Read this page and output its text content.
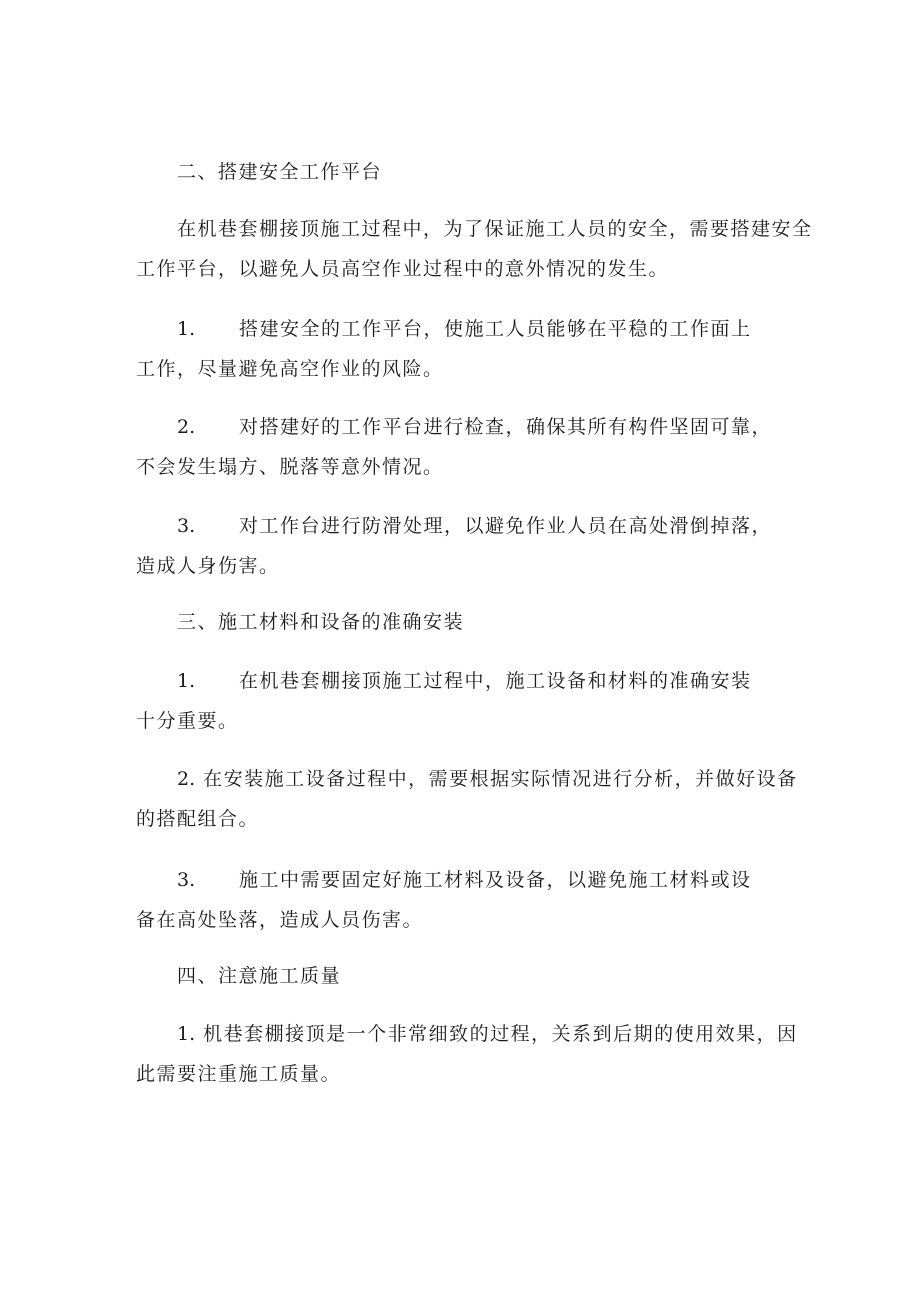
二、搭建安全工作平台
在机巷套棚接顶施工过程中，为了保证施工人员的安全，需要搭建安全
工作平台，以避免人员高空作业过程中的意外情况的发生。
1. 搭建安全的工作平台，使施工人员能够在平稳的工作面上
工作，尽量避免高空作业的风险。
2. 对搭建好的工作平台进行检查，确保其所有构件坚固可靠，
不会发生塌方、脱落等意外情况。
3. 对工作台进行防滑处理，以避免作业人员在高处滑倒掉落，
造成人身伤害。
三、施工材料和设备的准确安装
1. 在机巷套棚接顶施工过程中，施工设备和材料的准确安装
十分重要。
2. 在安装施工设备过程中，需要根据实际情况进行分析，并做好设备
的搭配组合。
3. 施工中需要固定好施工材料及设备，以避免施工材料或设
备在高处坠落，造成人员伤害。
四、注意施工质量
1. 机巷套棚接顶是一个非常细致的过程，关系到后期的使用效果，因
此需要注重施工质量。
